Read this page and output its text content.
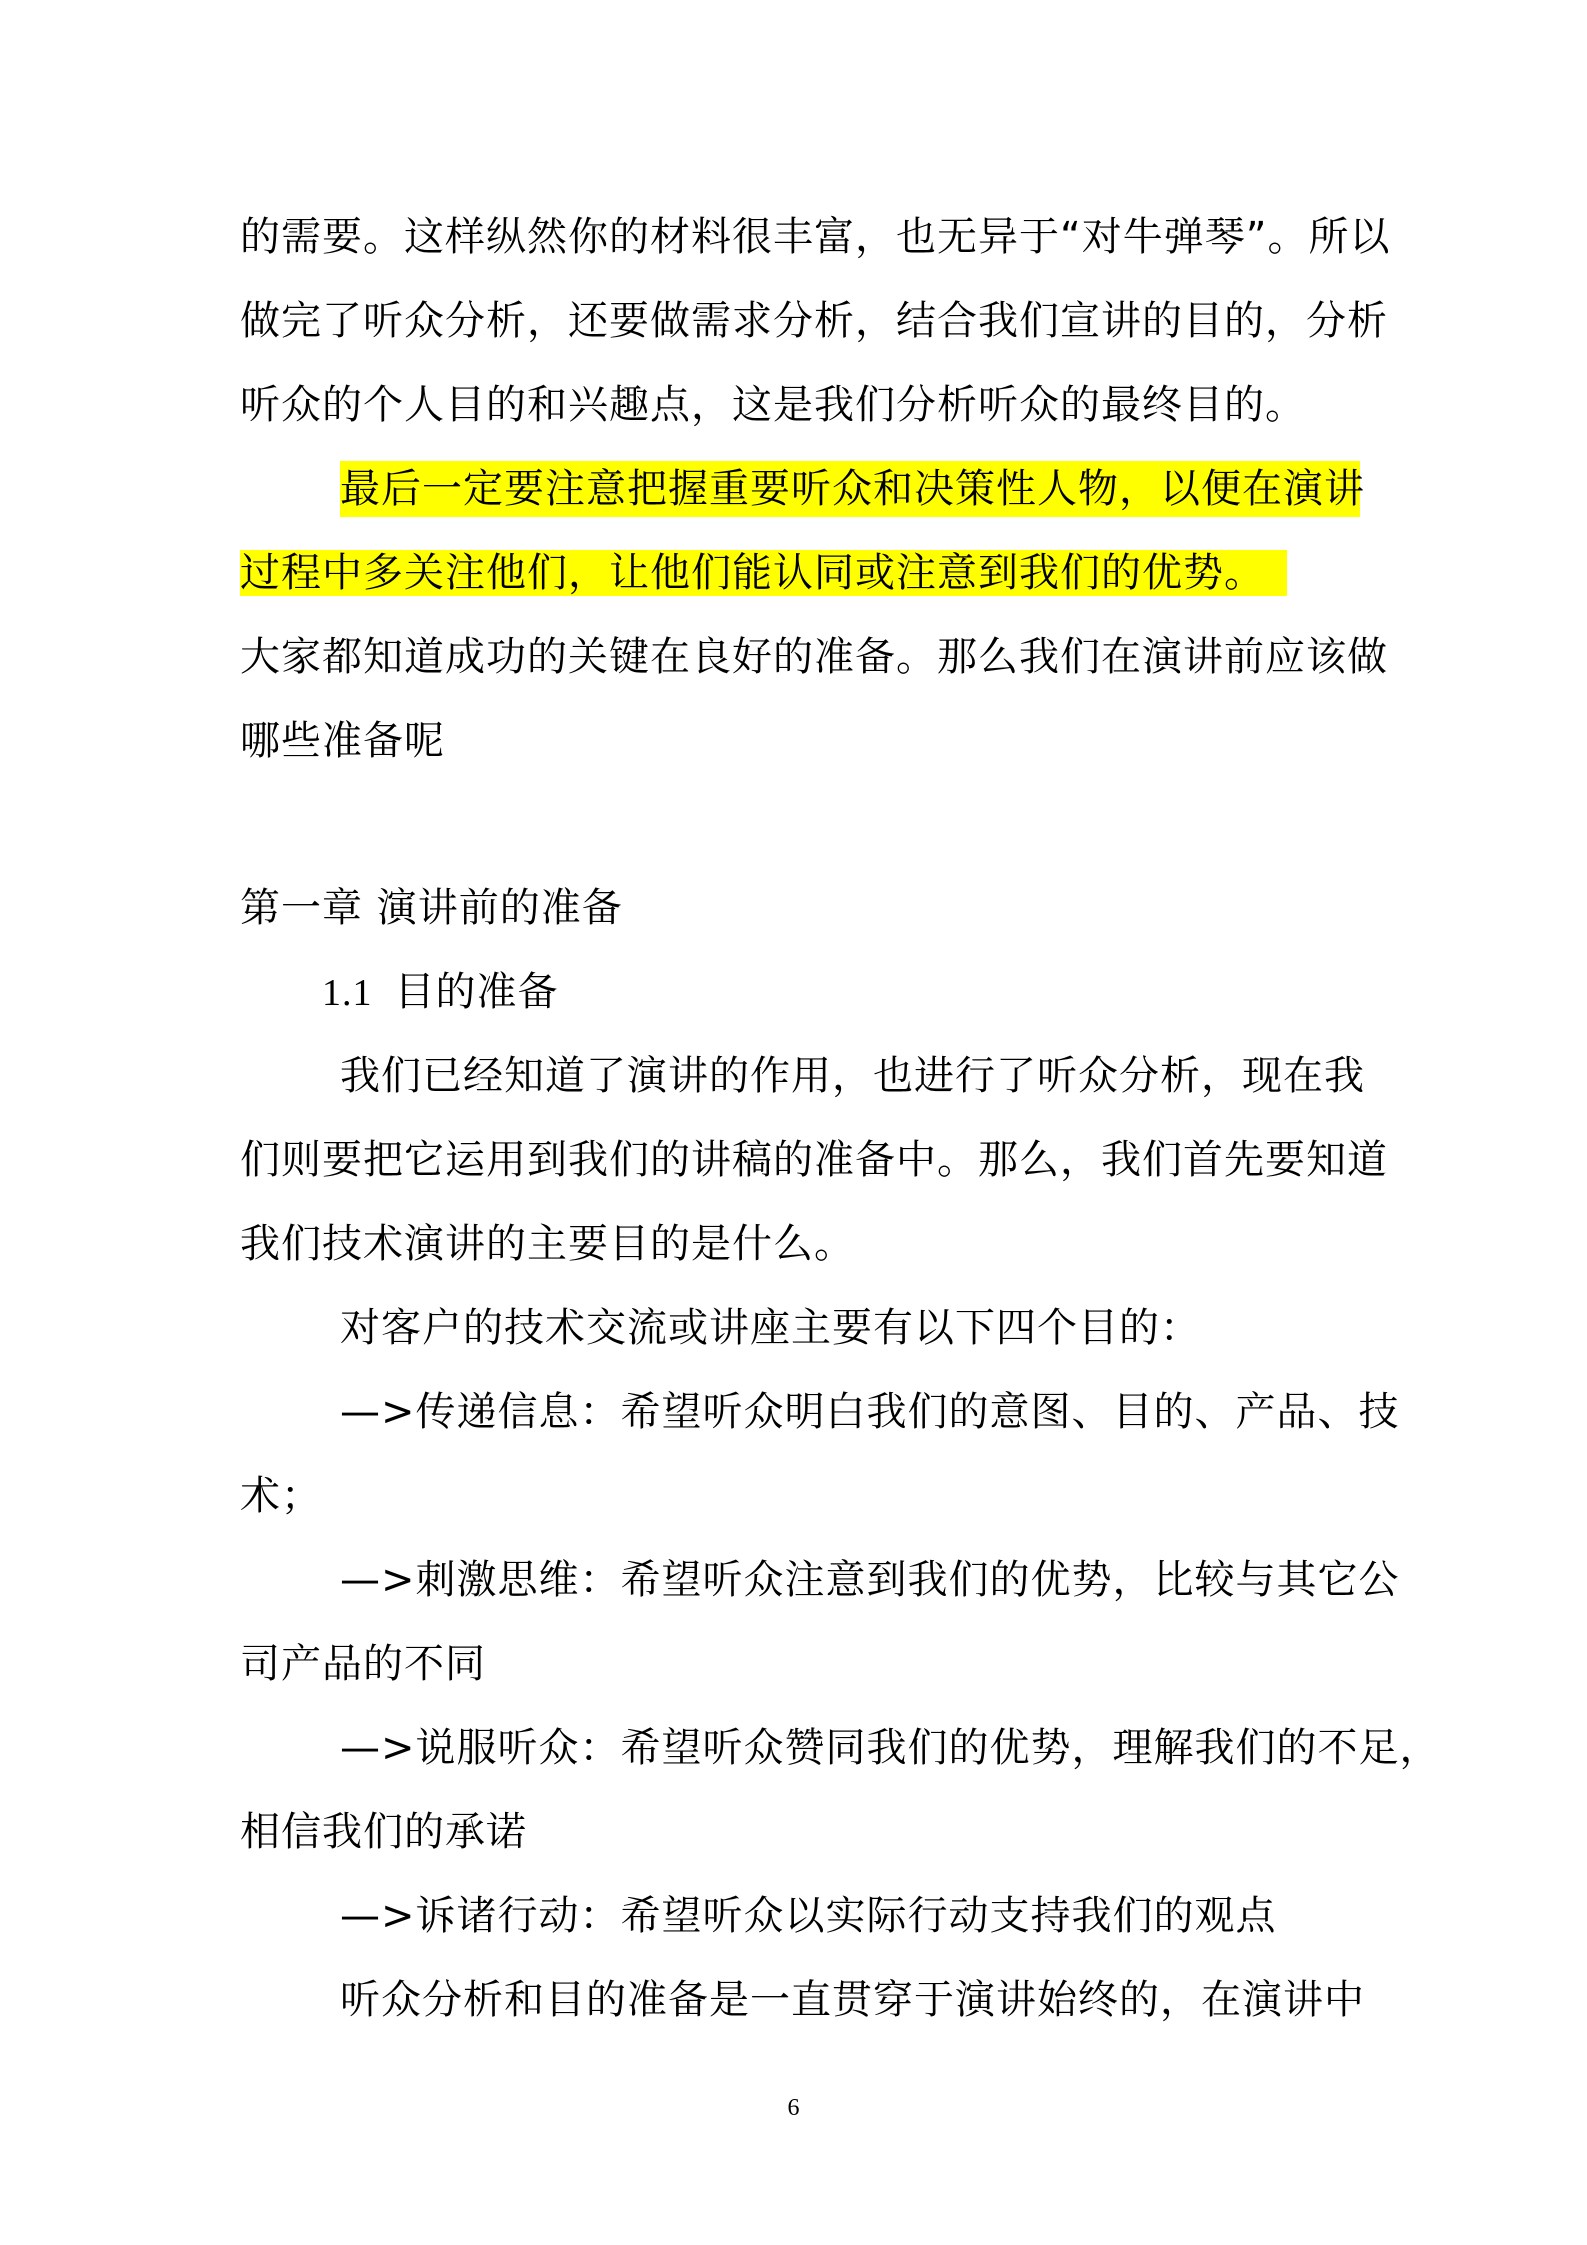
的需要。这样纵然你的材料很丰富，也无异于“对牛弹琴”。所以
做完了听众分析，还要做需求分析，结合我们宣讲的目的，分析
听众的个人目的和兴趣点，这是我们分析听众的最终目的。
最后一定要注意把握重要听众和决策性人物，以便在演讲
过程中多关注他们，让他们能认同或注意到我们的优势。
大家都知道成功的关键在良好的准备。那么我们在演讲前应该做
哪些准备呢
第一章 演讲前的准备
1.1 目的准备
我们已经知道了演讲的作用，也进行了听众分析，现在我
们则要把它运用到我们的讲稿的准备中。那么，我们首先要知道
我们技术演讲的主要目的是什么。
对客户的技术交流或讲座主要有以下四个目的：
—>传递信息：希望听众明白我们的意图、目的、产品、技
术；
—>刺激思维：希望听众注意到我们的优势，比较与其它公
司产品的不同
—>说服听众：希望听众赞同我们的优势，理解我们的不足，
相信我们的承诺
—>诉诸行动：希望听众以实际行动支持我们的观点
听众分析和目的准备是一直贯穿于演讲始终的，在演讲中
6
